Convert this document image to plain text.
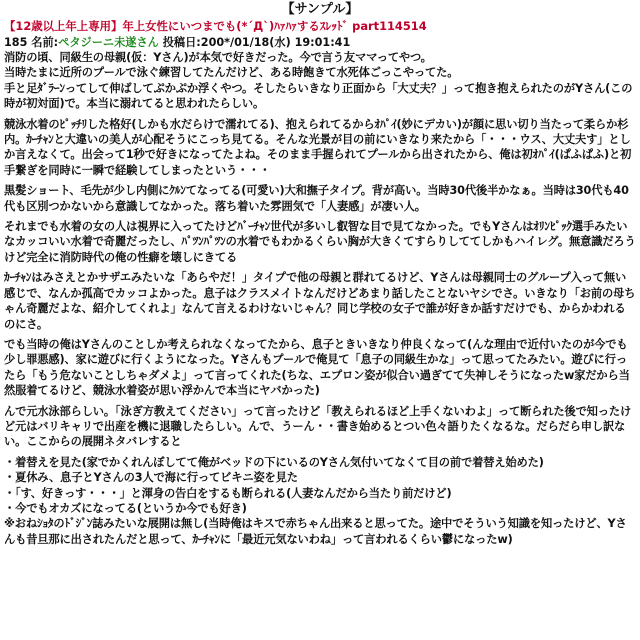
【サンプル】
【12歳以上年上専用】年上女性にいつまでも(*´Д`)ﾊｧﾊｧするｽﾚｯﾄﾞ part114514
185 名前:ペタジーニ未遂さん 投稿日:200*/01/18(水) 19:01:41

消防の頃、同級生の母親(仮：Yさん)が本気で好きだった。今で言う友ママってやつ。
当時たまに近所のプールで泳ぐ練習してたんだけど、ある時飽きて水死体ごっこやってた。
手と足ﾀﾞﾗｰﾝってして伸ばしてぷかぷか浮くやつ。そしたらいきなり正面から「大丈夫？」って抱き抱えられたのがYさん(この時が初対面)で。本当に溺れてると思われたらしい。

競泳水着のﾋﾟｯﾁﾘした格好(しかも水だらけで濡れてる)、抱えられてるからｵﾊﾟｲ(妙にデカい)が顔に思い切り当たって柔らか杉内。ｶｰﾁｬﾝと大違いの美人が心配そうにこっち見てる。そんな光景が目の前にいきなり来たから「・・・ウス、大丈夫す」としか言えなくて。出会って1秒で好きになってたよね。そのまま手握られてプールから出されたから、俺は初ｵﾊﾟｲ(ぱふぱふ)と初手繋ぎを同時に一瞬で経験してしまったという・・・

黒髪ショート、毛先が少し内側にｸﾙﾝてなってる(可愛い)大和撫子タイプ。背が高い。当時30代後半かなぁ。当時は30代も40代も区別つかないから意識してなかった。落ち着いた雰囲気で「人妻感」が凄い人。

それまでも水着の女の人は視界に入ってたけどﾊﾞｰﾁｬﾝ世代が多いし叡智な目で見てなかった。でもYさんはｵﾘﾝﾋﾟｯｸ選手みたいなカッコいい水着で奇麗だったし、ﾊﾟﾂﾝﾊﾟﾂﾝの水着でもわかるくらい胸が大きくてすらりしててしかもハイレグ。無意識だろうけど完全に消防時代の俺の性癖を壊しにきてる

ｶｰﾁｬﾝはみさえとかサザエみたいな「あらやだ！」タイプで他の母親と群れてるけど、Yさんは母親同士のグループ入って無い感じで、なんか孤高でカッコよかった。息子はクラスメイトなんだけどあまり話したことないヤシでさ。いきなり「お前の母ちゃん奇麗だよな、紹介してくれよ」なんて言えるわけないじゃん？同じ学校の女子で誰が好きか話すだけでも、からかわれるのにさ。

でも当時の俺はYさんのことしか考えられなくなってたから、息子ときいきなり仲良くなって(んな理由で近付いたのが今でも少し罪悪感)、家に遊びに行くようになった。Yさんもプールで俺見て「息子の同級生かな」って思ってたみたい。遊びに行ったら「もう危ないことしちゃダメよ」って言ってくれた(ちな、エプロン姿が似合い過ぎてて失神しそうになったw家だから当然服着てるけど、競泳水着姿が思い浮かんで本当にヤバかった)

んで元水泳部らしい。「泳ぎ方教えてください」って言ったけど「教えられるほど上手くないわよ」って断られた後で知ったけど元はバリキャリで出産を機に退職したらしい。んで、うーん・・書き始めるとつい色々語りたくなるな。だらだら申し訳ない。ここからの展開ネタバレすると

・着替えを見た(家でかくれんぼしてて俺がベッドの下にいるのYさん気付いてなくて目の前で着替え始めた)
・夏休み、息子とYさんの3人で海に行ってビキニ姿を見た
・「す、好きっす・・・」と渾身の告白をするも断られる(人妻なんだから当たり前だけど)
・今でもオカズになってる(というか今でも好き)
※おねｼｮﾀのﾄﾞｼﾞﾝ誌みたいな展開は無し(当時俺はキスで赤ちゃん出来ると思ってた。途中でそういう知識を知ったけど、Yさんも昔旦那に出されたんだと思って、ｶｰﾁｬﾝに「最近元気ないわね」って言われるくらい鬱になったw)
